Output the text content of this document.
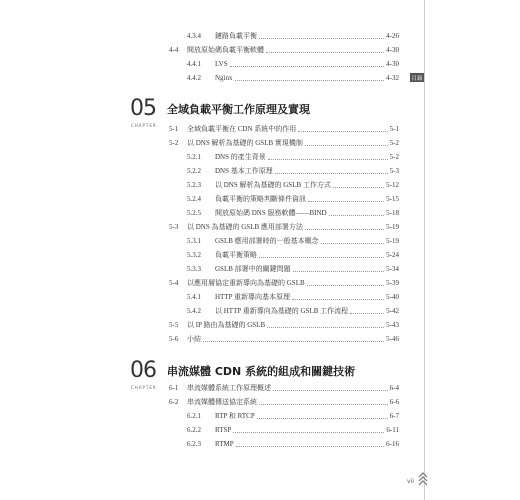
4.3.4	鏈路負載平衡	4-26
4-4	開放原始碼負載平衡軟體	4-30
4.4.1	LVS	4-30
4.4.2	Nginx	4-32
05
CHAPTER
全域負載平衡工作原理及實現
5-1	全域負載平衡在 CDN 系統中的作用	5-1
5-2	以 DNS 解析為基礎的 GSLB 實現機制	5-2
5.2.1	DNS 的產生背景	5-2
5.2.2	DNS 基本工作原理	5-3
5.2.3	以 DNS 解析為基礎的 GSLB 工作方式	5-12
5.2.4	負載平衡的策略判斷條件資訊	5-15
5.2.5	開放原始碼 DNS 服務軟體——BIND	5-18
5-3	以 DNS 為基礎的 GSLB 應用部署方法	5-19
5.3.1	GSLB 應用部署時的一般基本概念	5-19
5.3.2	負載平衡策略	5-24
5.3.3	GSLB 部署中的關鍵問題	5-34
5-4	以應用層協定重新導向為基礎的 GSLB	5-39
5.4.1	HTTP 重新導向基本原理	5-40
5.4.2	以 HTTP 重新導向為基礎的 GSLB 工作流程	5-42
5-5	以 IP 路由為基礎的 GSLB	5-43
5-6	小結	5-46
06
CHAPTER
串流媒體 CDN 系統的組成和關鍵技術
6-1	串流媒體系統工作原理概述	6-4
6-2	串流媒體傳送協定系統	6-6
6.2.1	RTP 和 RTCP	6-7
6.2.2	RTSP	6-11
6.2.3	RTMP	6-16
目錄
vii
